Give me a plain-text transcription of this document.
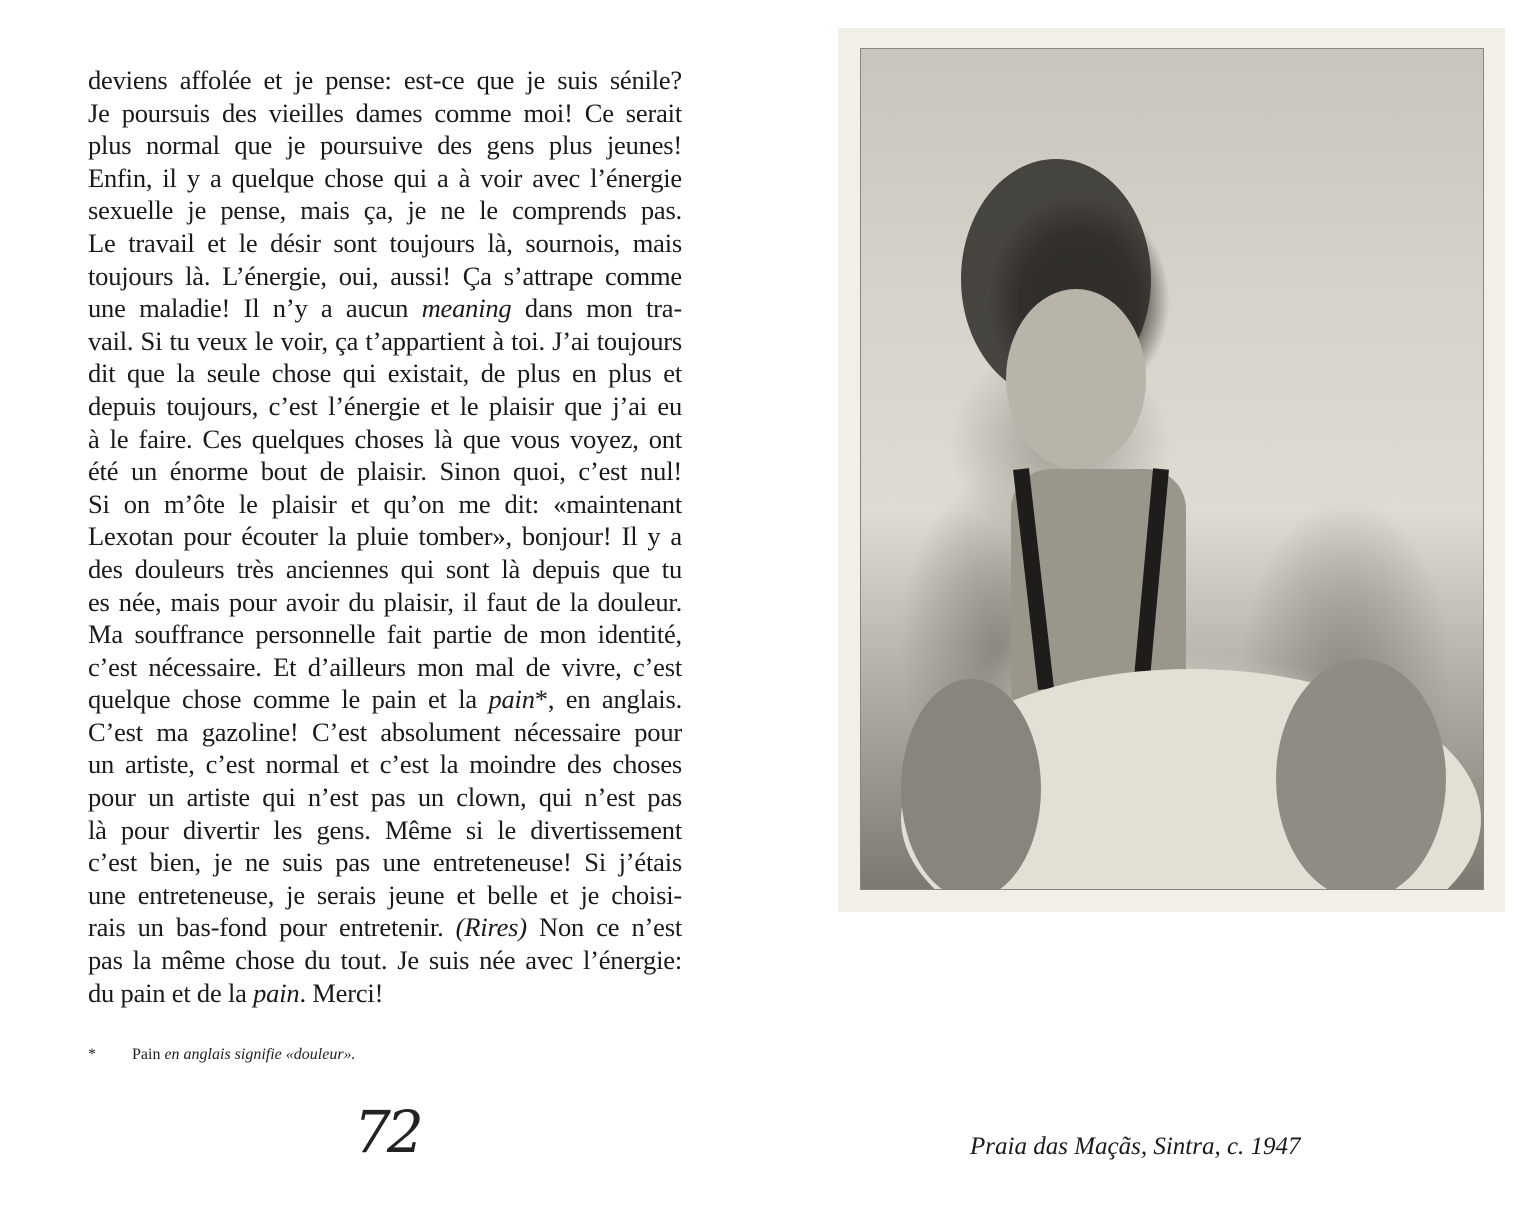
deviens affolée et je pense: est-ce que je suis sénile?
Je poursuis des vieilles dames comme moi! Ce serait
plus normal que je poursuive des gens plus jeunes!
Enfin, il y a quelque chose qui a à voir avec l’énergie
sexuelle je pense, mais ça, je ne le comprends pas.
Le travail et le désir sont toujours là, sournois, mais
toujours là. L’énergie, oui, aussi! Ça s’attrape comme
une maladie! Il n’y a aucun meaning dans mon tra-
vail. Si tu veux le voir, ça t’appartient à toi. J’ai toujours
dit que la seule chose qui existait, de plus en plus et
depuis toujours, c’est l’énergie et le plaisir que j’ai eu
à le faire. Ces quelques choses là que vous voyez, ont
été un énorme bout de plaisir. Sinon quoi, c’est nul!
Si on m’ôte le plaisir et qu’on me dit: «maintenant
Lexotan pour écouter la pluie tomber», bonjour! Il y a
des douleurs très anciennes qui sont là depuis que tu
es née, mais pour avoir du plaisir, il faut de la douleur.
Ma souffrance personnelle fait partie de mon identité,
c’est nécessaire. Et d’ailleurs mon mal de vivre, c’est
quelque chose comme le pain et la pain*, en anglais.
C’est ma gazoline! C’est absolument nécessaire pour
un artiste, c’est normal et c’est la moindre des choses
pour un artiste qui n’est pas un clown, qui n’est pas
là pour divertir les gens. Même si le divertissement
c’est bien, je ne suis pas une entreteneuse! Si j’étais
une entreteneuse, je serais jeune et belle et je choisi-
rais un bas-fond pour entretenir. (Rires) Non ce n’est
pas la même chose du tout. Je suis née avec l’énergie:
du pain et de la pain. Merci!
* Pain en anglais signifie «douleur».
72	Praia das Maçãs, Sintra, c. 1947
